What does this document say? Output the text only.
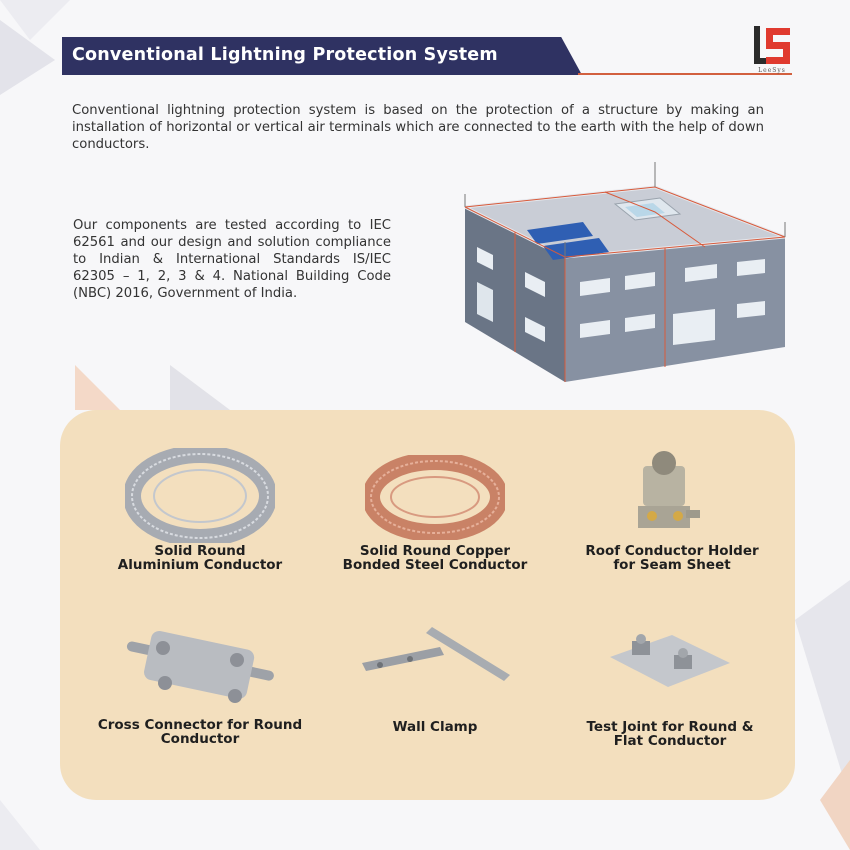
Conventional Lightning Protection System
LeeSys
Conventional lightning protection system is based on the protection of a structure by making an installation of horizontal or vertical air terminals which are connected to the earth with the help of down conductors.
Our components are tested according to IEC 62561 and our design and solution compliance to Indian & International Standards IS/IEC 62305 – 1, 2, 3 & 4. National Building Code (NBC) 2016, Government of India.
Solid Round
Aluminium Conductor
Solid Round Copper
Bonded Steel Conductor
Roof Conductor Holder
for Seam Sheet
Cross Connector for Round
Conductor
Wall Clamp	Test Joint for Round &
Flat Conductor
